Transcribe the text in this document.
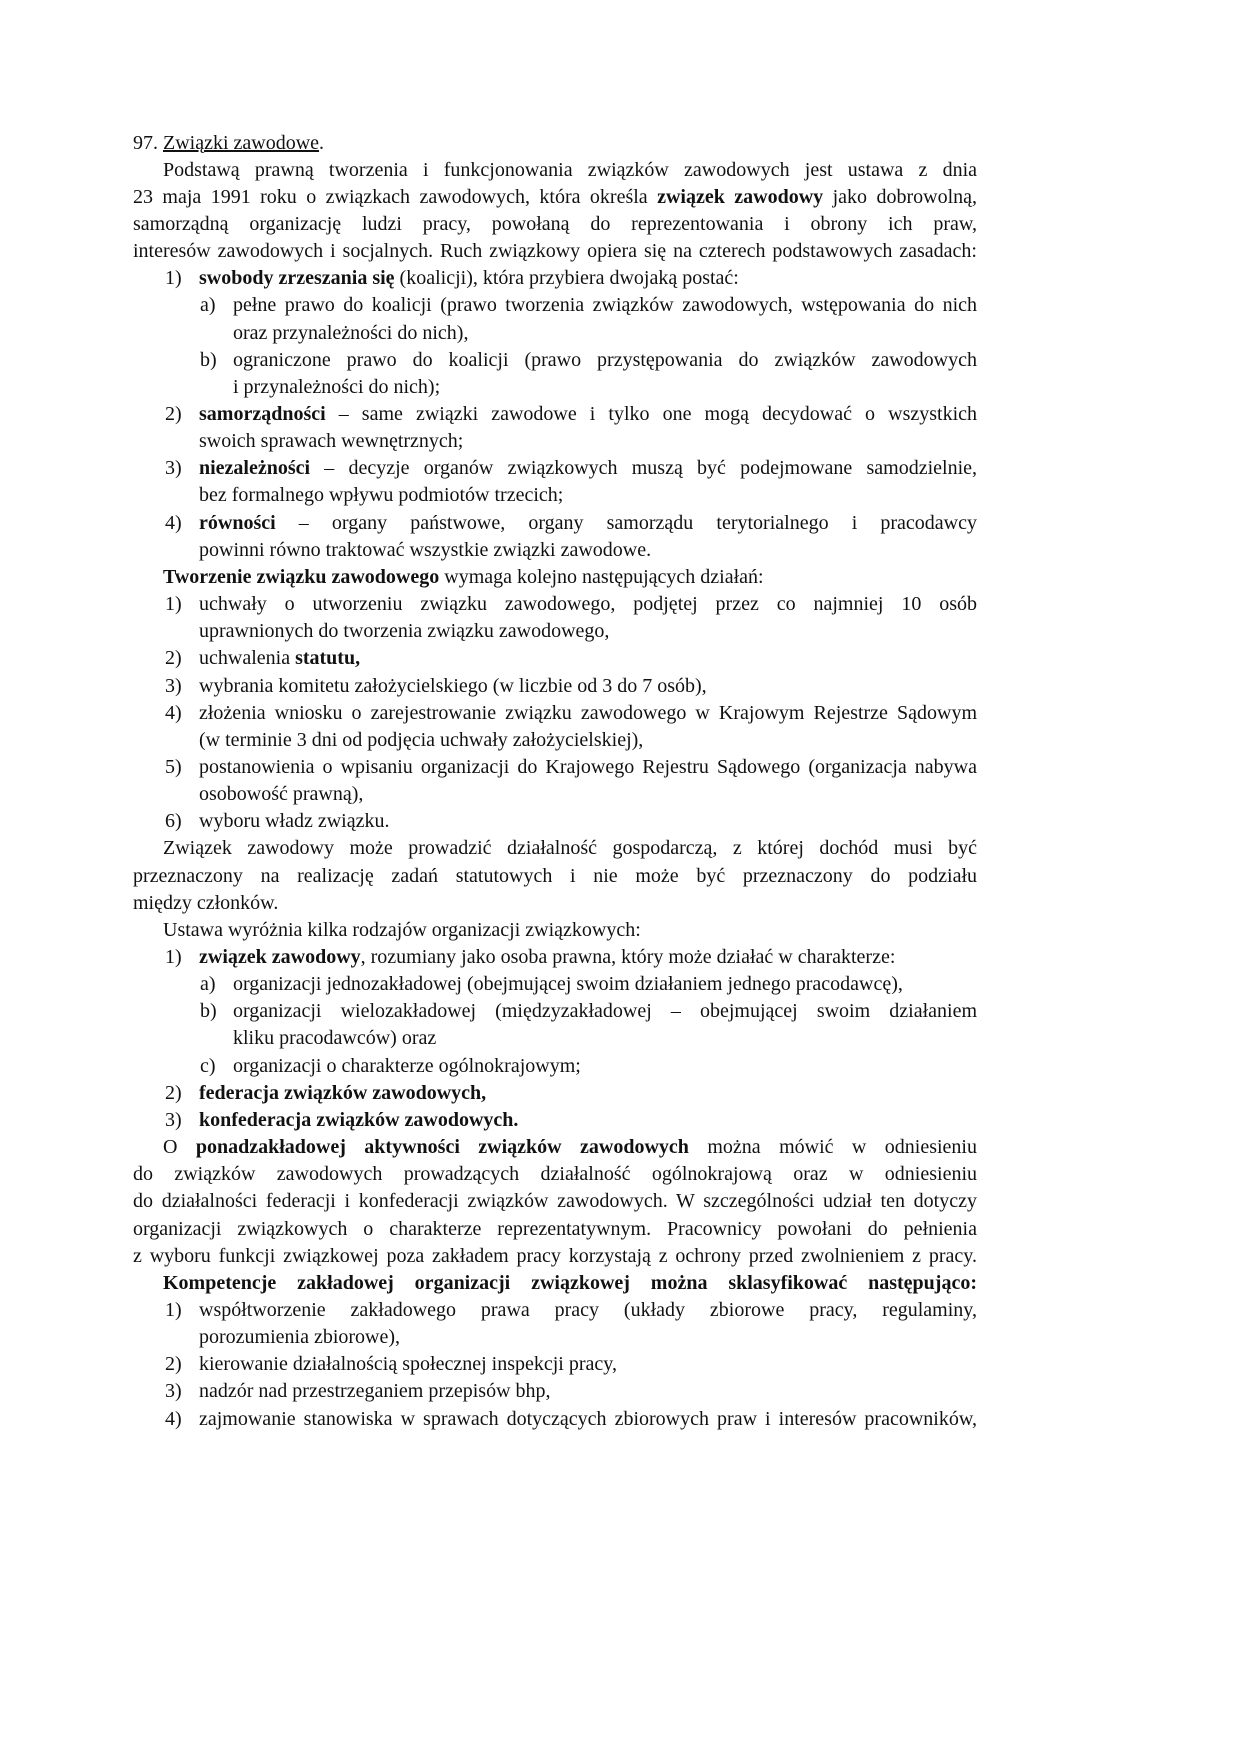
97. Związki zawodowe.
Podstawą prawną tworzenia i funkcjonowania związków zawodowych jest ustawa z dnia
23 maja 1991 roku o związkach zawodowych, która określa związek zawodowy jako dobrowolną,
samorządną organizację ludzi pracy, powołaną do reprezentowania i obrony ich praw,
interesów zawodowych i socjalnych. Ruch związkowy opiera się na czterech podstawowych zasadach:
1) swobody zrzeszania się (koalicji), która przybiera dwojaką postać:
a) pełne prawo do koalicji (prawo tworzenia związków zawodowych, wstępowania do nich
oraz przynależności do nich),
b) ograniczone prawo do koalicji (prawo przystępowania do związków zawodowych
i przynależności do nich);
2) samorządności – same związki zawodowe i tylko one mogą decydować o wszystkich
swoich sprawach wewnętrznych;
3) niezależności – decyzje organów związkowych muszą być podejmowane samodzielnie,
bez formalnego wpływu podmiotów trzecich;
4) równości – organy państwowe, organy samorządu terytorialnego i pracodawcy
powinni równo traktować wszystkie związki zawodowe.
Tworzenie związku zawodowego wymaga kolejno następujących działań:
1) uchwały o utworzeniu związku zawodowego, podjętej przez co najmniej 10 osób
uprawnionych do tworzenia związku zawodowego,
2) uchwalenia statutu,
3) wybrania komitetu założycielskiego (w liczbie od 3 do 7 osób),
4) złożenia wniosku o zarejestrowanie związku zawodowego w Krajowym Rejestrze Sądowym
(w terminie 3 dni od podjęcia uchwały założycielskiej),
5) postanowienia o wpisaniu organizacji do Krajowego Rejestru Sądowego (organizacja nabywa
osobowość prawną),
6) wyboru władz związku.
Związek zawodowy może prowadzić działalność gospodarczą, z której dochód musi być
przeznaczony na realizację zadań statutowych i nie może być przeznaczony do podziału
między członków.
Ustawa wyróżnia kilka rodzajów organizacji związkowych:
1) związek zawodowy, rozumiany jako osoba prawna, który może działać w charakterze:
a) organizacji jednozakładowej (obejmującej swoim działaniem jednego pracodawcę),
b) organizacji wielozakładowej (międzyzakładowej – obejmującej swoim działaniem
kliku pracodawców) oraz
c) organizacji o charakterze ogólnokrajowym;
2) federacja związków zawodowych,
3) konfederacja związków zawodowych.
O ponadzakładowej aktywności związków zawodowych można mówić w odniesieniu
do związków zawodowych prowadzących działalność ogólnokrajową oraz w odniesieniu
do działalności federacji i konfederacji związków zawodowych. W szczególności udział ten dotyczy
organizacji związkowych o charakterze reprezentatywnym. Pracownicy powołani do pełnienia
z wyboru funkcji związkowej poza zakładem pracy korzystają z ochrony przed zwolnieniem z pracy.
Kompetencje zakładowej organizacji związkowej można sklasyfikować następująco:
1) współtworzenie zakładowego prawa pracy (układy zbiorowe pracy, regulaminy,
porozumienia zbiorowe),
2) kierowanie działalnością społecznej inspekcji pracy,
3) nadzór nad przestrzeganiem przepisów bhp,
4) zajmowanie stanowiska w sprawach dotyczących zbiorowych praw i interesów pracowników,
